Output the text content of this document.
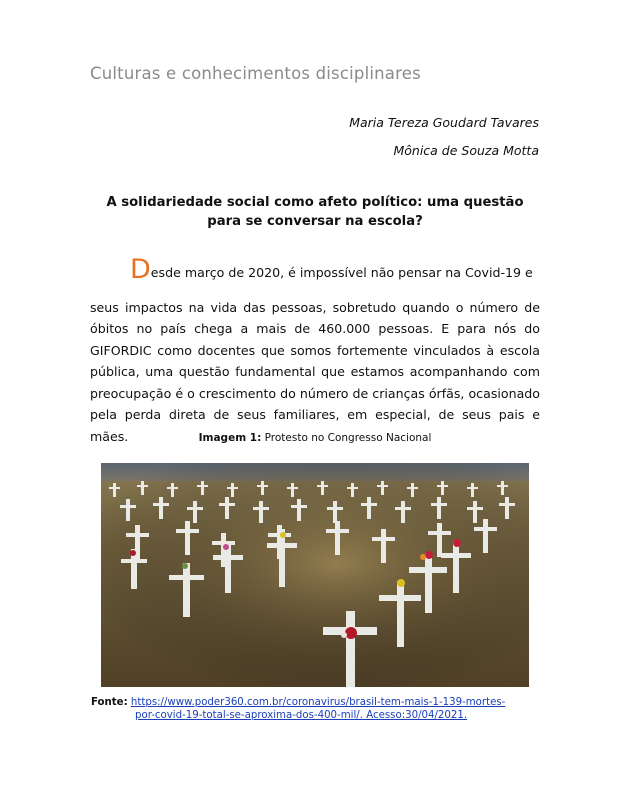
Culturas e conhecimentos disciplinares
Maria Tereza Goudard Tavares
Mônica de Souza Motta
A solidariedade social como afeto político: uma questão
para se conversar na escola?

Desde março de 2020, é impossível não pensar na Covid-19 e

seus impactos na vida das pessoas, sobretudo quando o número de óbitos no país chega a mais de 460.000 pessoas. E para nós do GIFORDIC como docentes que somos fortemente vinculados à escola pública, uma questão fundamental que estamos acompanhando com preocupação é o crescimento do número de crianças órfãs, ocasionado pela perda direta de seus familiares, em especial, de seus pais e mães.	Imagem 1: Protesto no Congresso Nacional
Fonte: https://www.poder360.com.br/coronavirus/brasil-tem-mais-1-139-mortes-
por-covid-19-total-se-aproxima-dos-400-mil/. Acesso:30/04/2021.
